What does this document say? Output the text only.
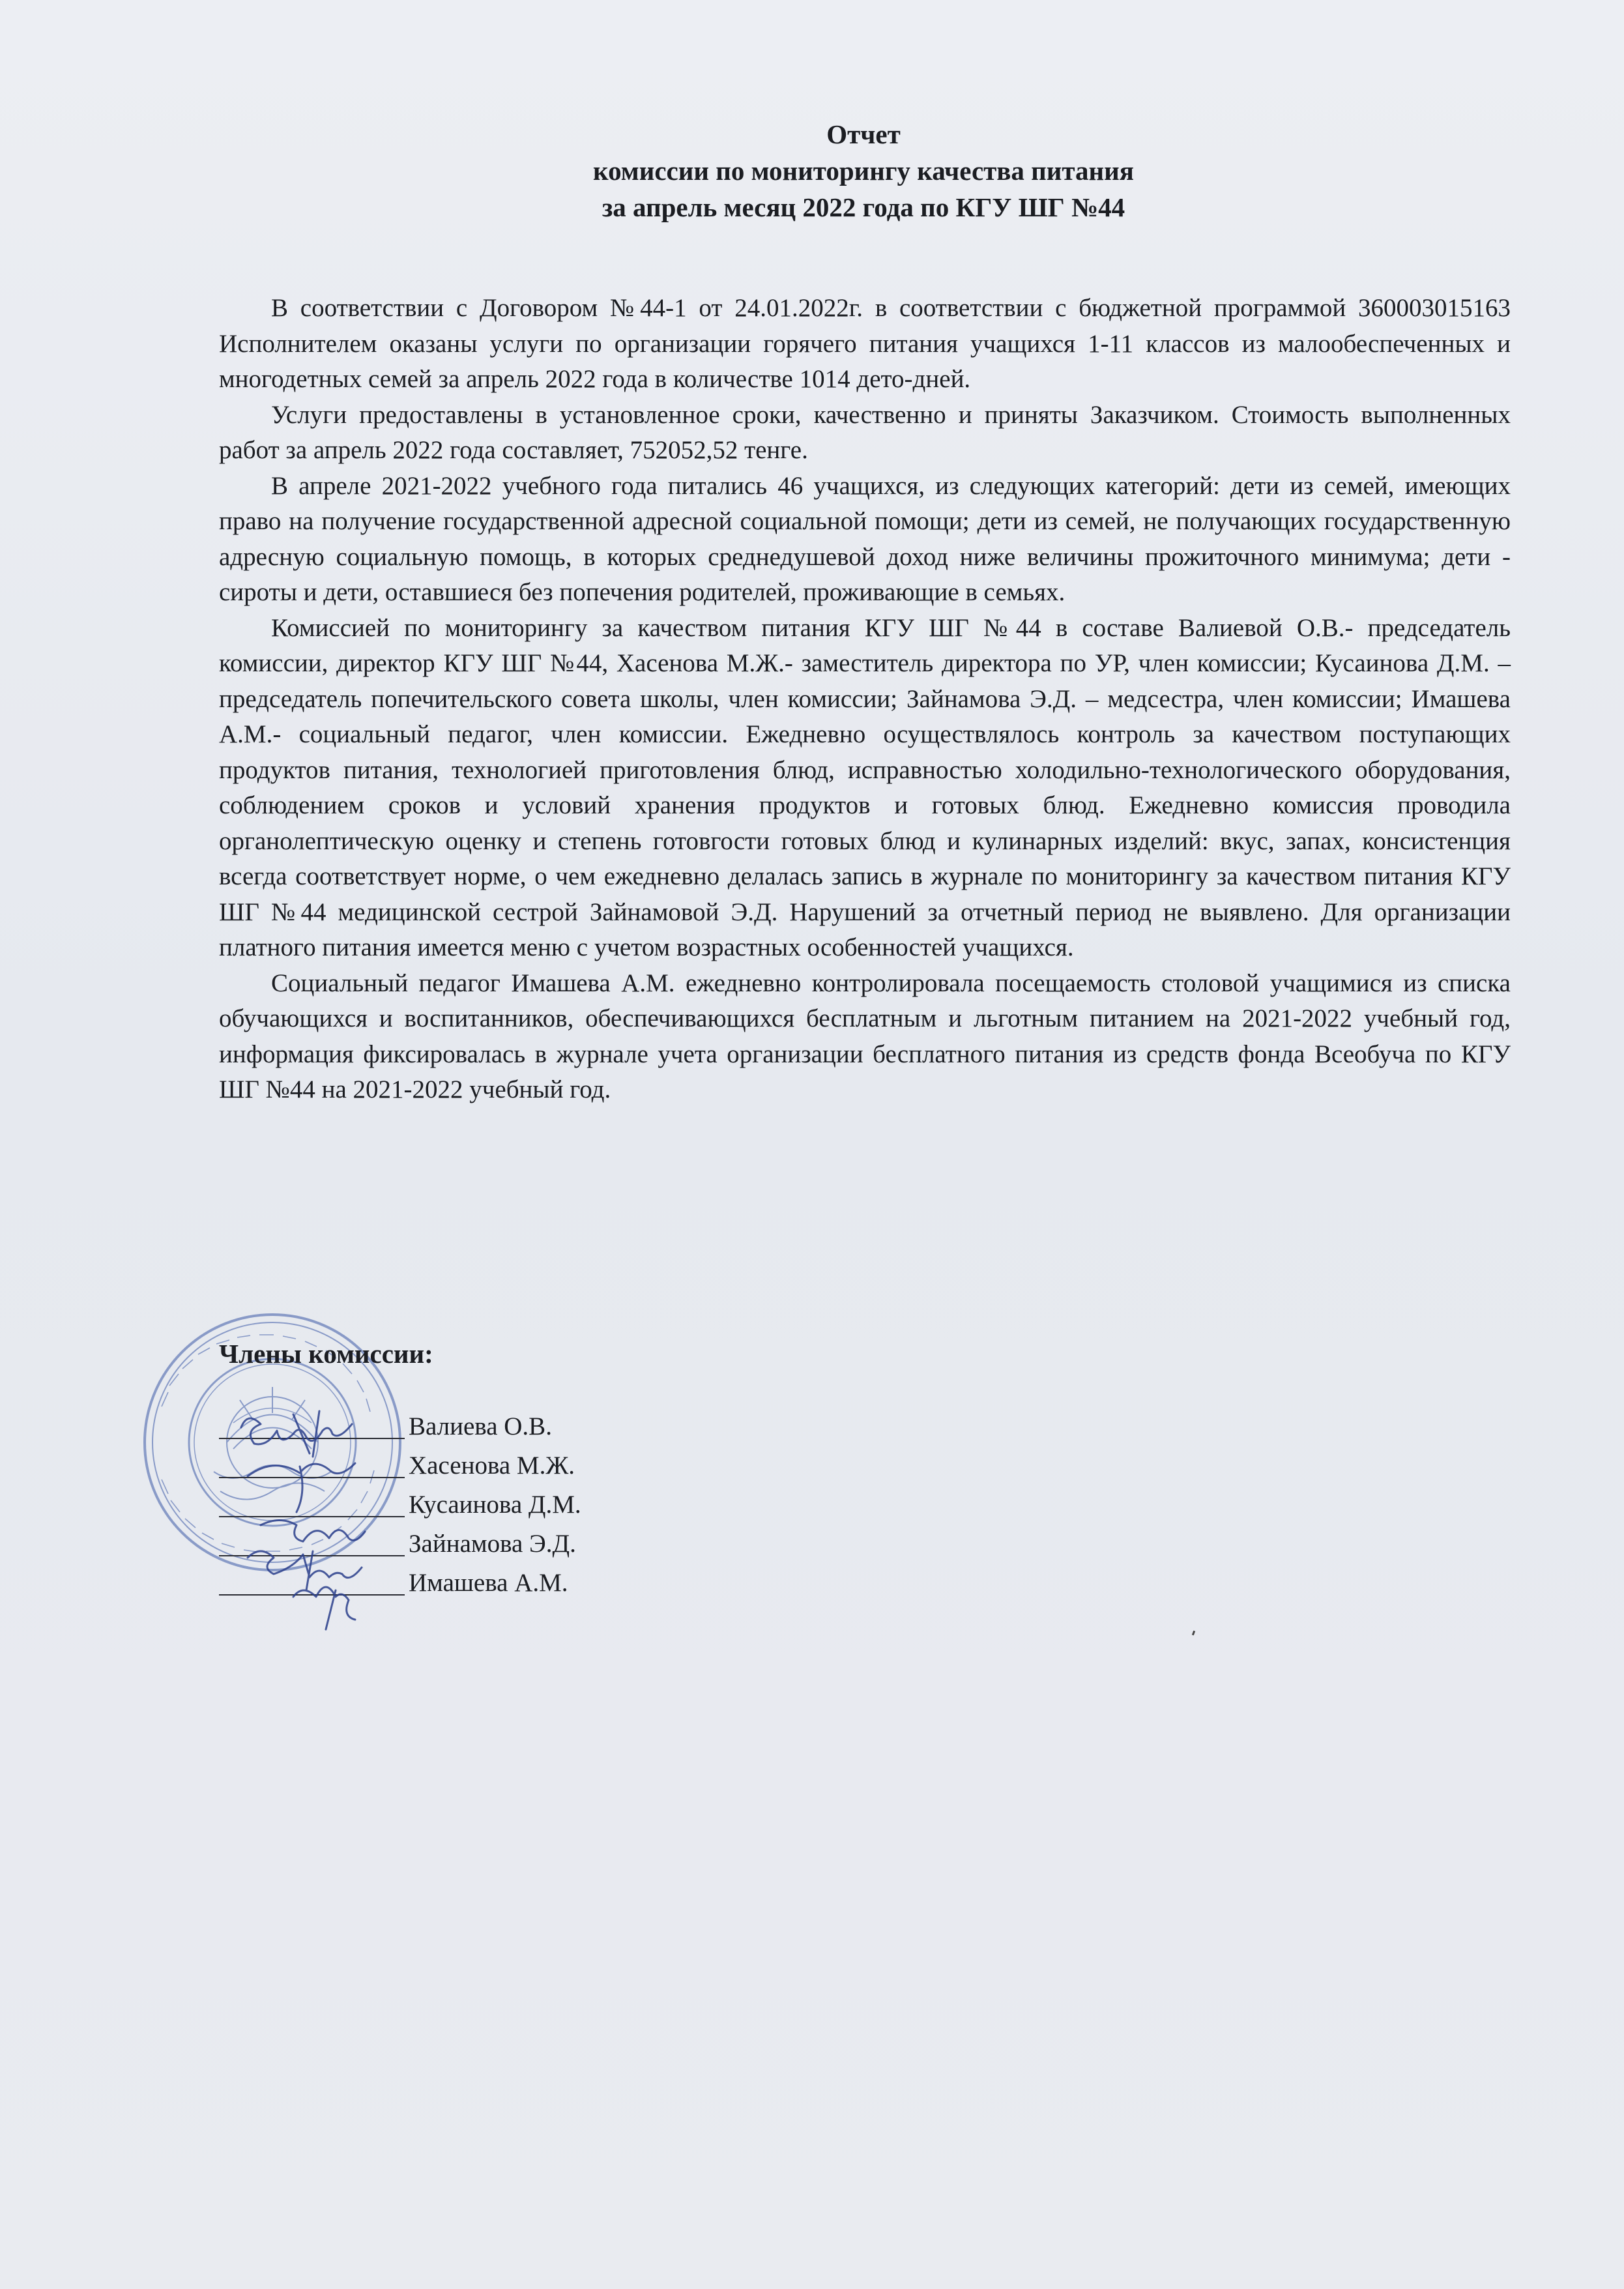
Отчет
комиссии по мониторингу качества питания
за апрель месяц 2022 года по КГУ ШГ №44

В соответствии с Договором №44-1 от 24.01.2022г. в соответствии с бюджетной программой 360003015163 Исполнителем оказаны услуги по организации горячего питания учащихся 1-11 классов из малообеспеченных и многодетных семей за апрель 2022 года в количестве 1014 дето-дней.

Услуги предоставлены в установленное сроки, качественно и приняты Заказчиком. Стоимость выполненных работ за апрель 2022 года составляет, 752052,52 тенге.

В апреле 2021-2022 учебного года питались 46 учащихся, из следующих категорий: дети из семей, имеющих право на получение государственной адресной социальной помощи; дети из семей, не получающих государственную адресную социальную помощь, в которых среднедушевой доход ниже величины прожиточного минимума; дети - сироты и дети, оставшиеся без попечения родителей, проживающие в семьях.

Комиссией по мониторингу за качеством питания КГУ ШГ №44 в составе Валиевой О.В.- председатель комиссии, директор КГУ ШГ №44, Хасенова М.Ж.- заместитель директора по УР, член комиссии; Кусаинова Д.М. –председатель попечительского совета школы, член комиссии; Зайнамова Э.Д. – медсестра, член комиссии; Имашева А.М.- социальный педагог, член комиссии. Ежедневно осуществлялось контроль за качеством поступающих продуктов питания, технологией приготовления блюд, исправностью холодильно-технологического оборудования, соблюдением сроков и условий хранения продуктов и готовых блюд. Ежедневно комиссия проводила органолептическую оценку и степень готовгости готовых блюд и кулинарных изделий: вкус, запах, консистенция всегда соответствует норме, о чем ежедневно делалась запись в журнале по мониторингу за качеством питания КГУ ШГ №44 медицинской сестрой Зайнамовой Э.Д. Нарушений за отчетный период не выявлено. Для организации платного питания имеется меню с учетом возрастных особенностей учащихся.

Социальный педагог Имашева А.М. ежедневно контролировала посещаемость столовой учащимися из списка обучающихся и воспитанников, обеспечивающихся бесплатным и льготным питанием на 2021-2022 учебный год, информация фиксировалась в журнале учета организации бесплатного питания из средств фонда Всеобуча по КГУ ШГ №44 на 2021-2022 учебный год.

Члены комиссии:
Валиева О.В.
Хасенова М.Ж.
Кусаинова Д.М.
Зайнамова Э.Д.
Имашева А.М.
